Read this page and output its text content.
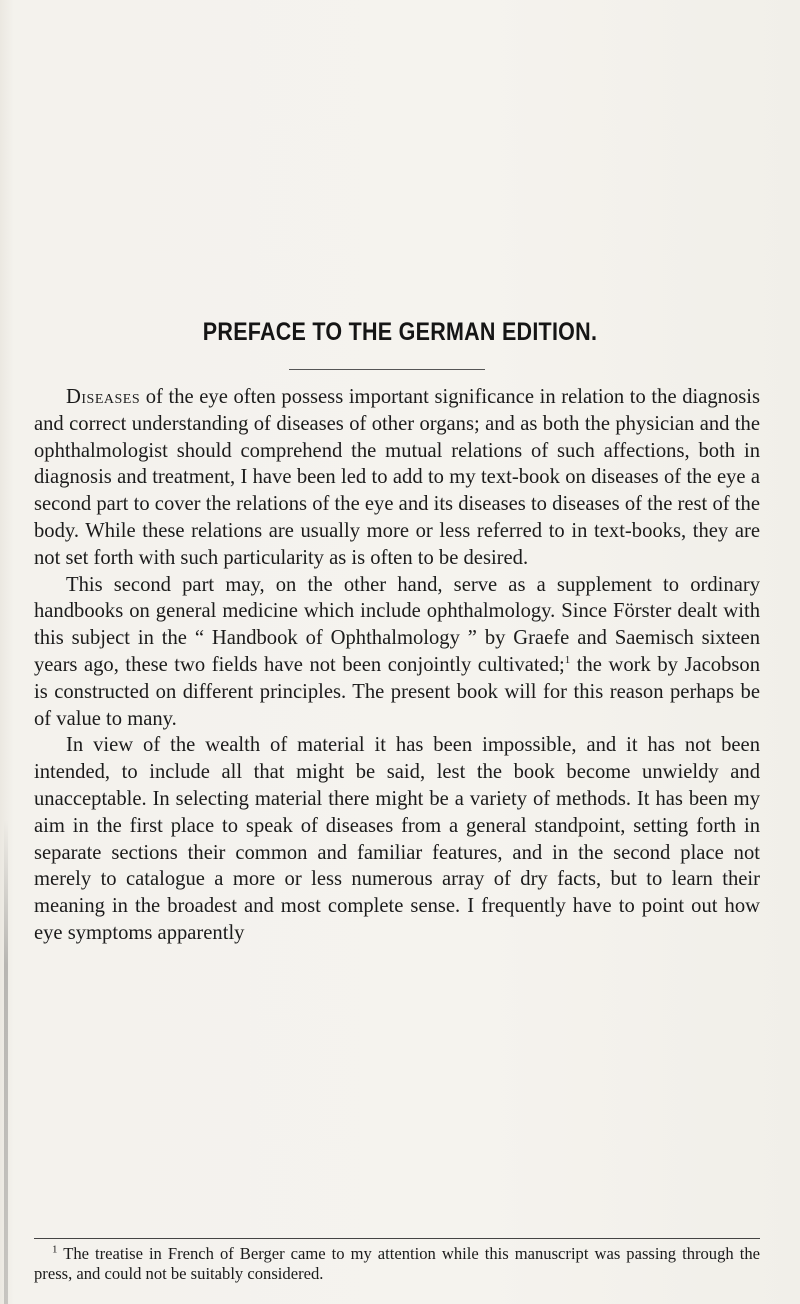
PREFACE TO THE GERMAN EDITION.

Diseases of the eye often possess important significance in relation to the diagnosis and correct understanding of diseases of other organs; and as both the physician and the ophthalmologist should comprehend the mutual relations of such affections, both in diagnosis and treatment, I have been led to add to my text-book on diseases of the eye a second part to cover the relations of the eye and its diseases to diseases of the rest of the body. While these relations are usually more or less referred to in text-books, they are not set forth with such particularity as is often to be desired.

This second part may, on the other hand, serve as a supplement to ordinary handbooks on general medicine which include ophthalmology. Since Förster dealt with this subject in the “ Handbook of Ophthalmology ” by Graefe and Saemisch sixteen years ago, these two fields have not been conjointly cultivated;$^1$ the work by Jacobson is constructed on different principles. The present book will for this reason perhaps be of value to many.

In view of the wealth of material it has been impossible, and it has not been intended, to include all that might be said, lest the book become unwieldy and unacceptable. In selecting material there might be a variety of methods. It has been my aim in the first place to speak of diseases from a general standpoint, setting forth in separate sections their common and familiar features, and in the second place not merely to catalogue a more or less numerous array of dry facts, but to learn their meaning in the broadest and most complete sense. I frequently have to point out how eye symptoms apparently

$^1$ The treatise in French of Berger came to my attention while this manuscript was passing through the press, and could not be suitably considered.
